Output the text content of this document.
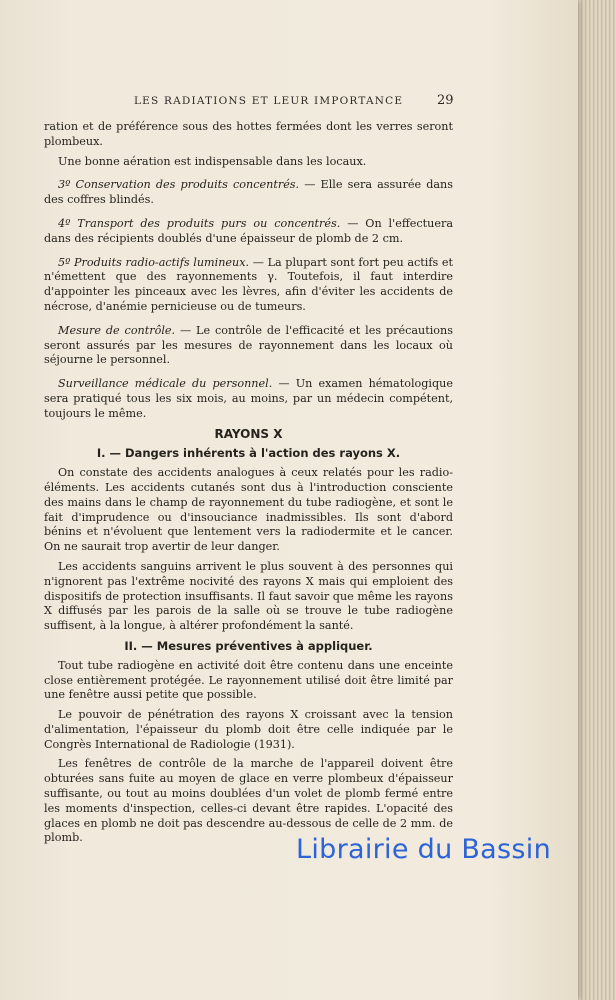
LES RADIATIONS ET LEUR IMPORTANCE	29

ration et de préférence sous des hottes fermées dont les verres seront plombeux.

Une bonne aération est indispensable dans les locaux.

3º Conservation des produits concentrés. — Elle sera assurée dans des coffres blindés.

4º Transport des produits purs ou concentrés. — On l'effectuera dans des récipients doublés d'une épaisseur de plomb de 2 cm.

5º Produits radio-actifs lumineux. — La plupart sont fort peu actifs et n'émettent que des rayonnements γ. Toutefois, il faut interdire d'appointer les pinceaux avec les lèvres, afin d'éviter les accidents de nécrose, d'anémie pernicieuse ou de tumeurs.

Mesure de contrôle. — Le contrôle de l'efficacité et les précautions seront assurés par les mesures de rayonnement dans les locaux où séjourne le personnel.

Surveillance médicale du personnel. — Un examen hématologique sera pratiqué tous les six mois, au moins, par un médecin compétent, toujours le même.

RAYONS X

I. — Dangers inhérents à l'action des rayons X.

On constate des accidents analogues à ceux relatés pour les radio-éléments. Les accidents cutanés sont dus à l'introduction consciente des mains dans le champ de rayonnement du tube radiogène, et sont le fait d'imprudence ou d'insouciance inadmissibles. Ils sont d'abord bénins et n'évoluent que lentement vers la radiodermite et le cancer. On ne saurait trop avertir de leur danger.

Les accidents sanguins arrivent le plus souvent à des personnes qui n'ignorent pas l'extrême nocivité des rayons X mais qui emploient des dispositifs de protection insuffisants. Il faut savoir que même les rayons X diffusés par les parois de la salle où se trouve le tube radiogène suffisent, à la longue, à altérer profondément la santé.

II. — Mesures préventives à appliquer.

Tout tube radiogène en activité doit être contenu dans une enceinte close entièrement protégée. Le rayonnement utilisé doit être limité par une fenêtre aussi petite que possible.

Le pouvoir de pénétration des rayons X croissant avec la tension d'alimentation, l'épaisseur du plomb doit être celle indiquée par le Congrès International de Radiologie (1931).

Les fenêtres de contrôle de la marche de l'appareil doivent être obturées sans fuite au moyen de glace en verre plombeux d'épaisseur suffisante, ou tout au moins doublées d'un volet de plomb fermé entre les moments d'inspection, celles-ci devant être rapides. L'opacité des glaces en plomb ne doit pas descendre au-dessous de celle de 2 mm. de plomb.	Librairie du Bassin
